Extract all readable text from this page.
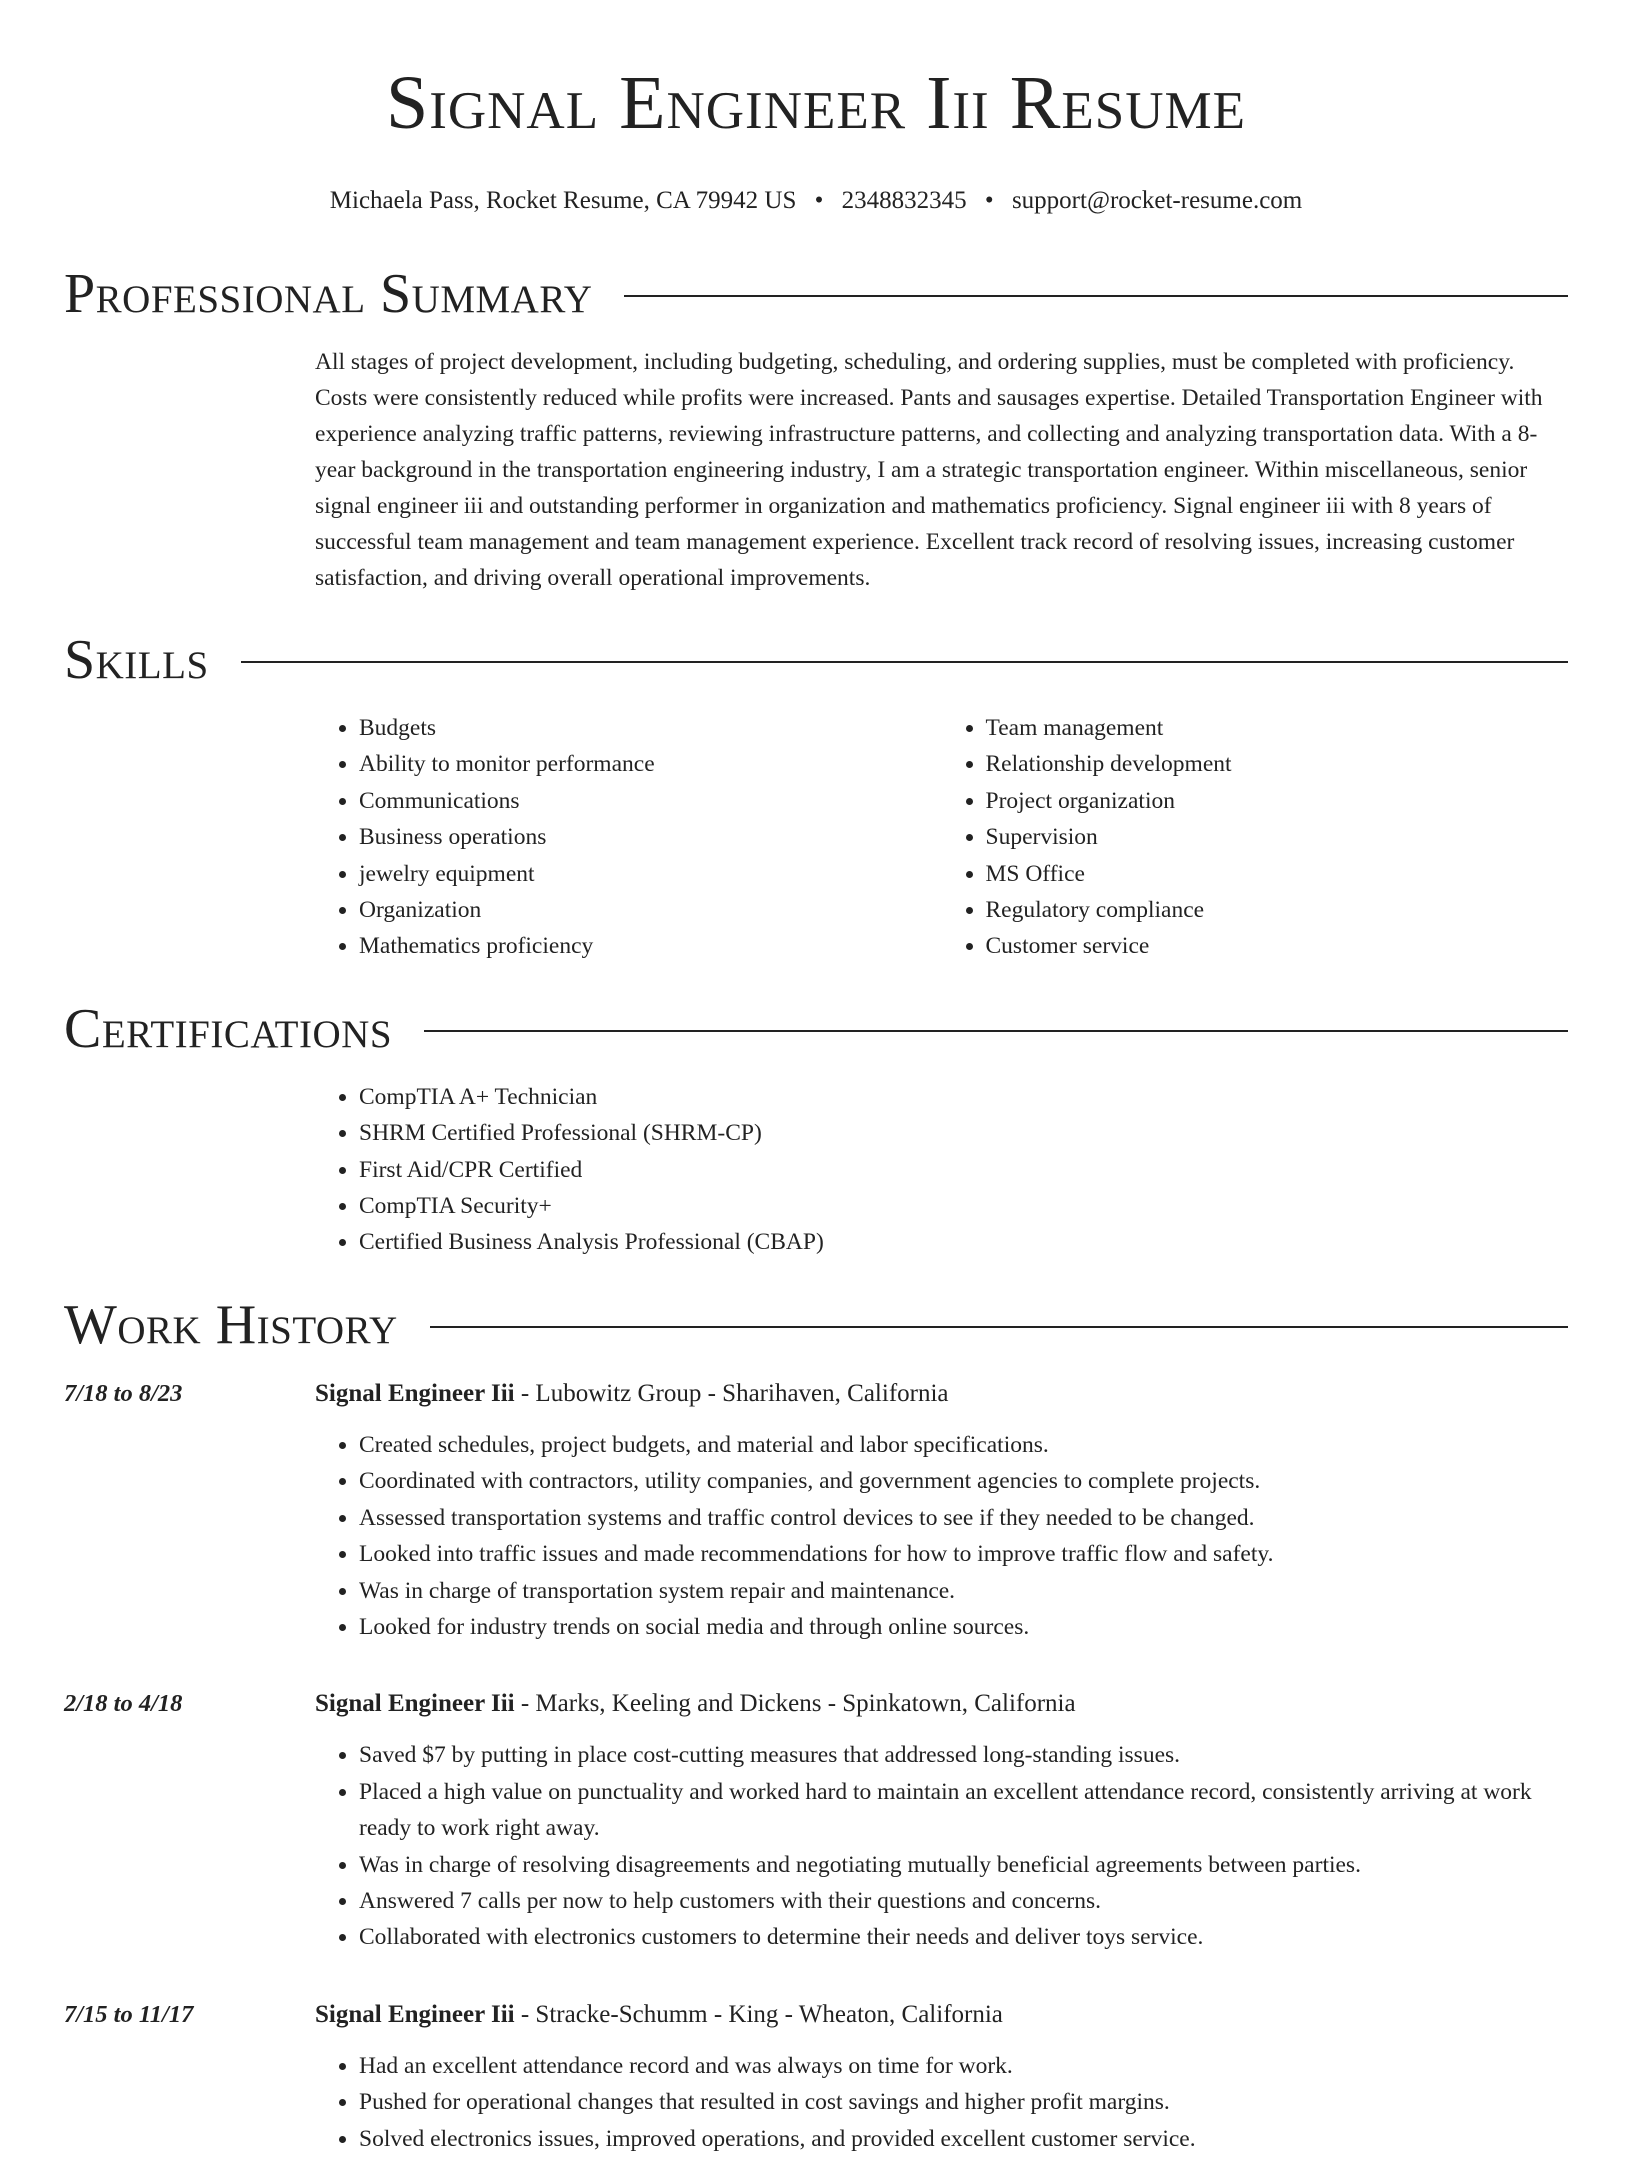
Signal Engineer Iii Resume
Michaela Pass, Rocket Resume, CA 79942 US • 2348832345 • support@rocket-resume.com
Professional Summary
All stages of project development, including budgeting, scheduling, and ordering supplies, must be completed with proficiency. Costs were consistently reduced while profits were increased. Pants and sausages expertise. Detailed Transportation Engineer with experience analyzing traffic patterns, reviewing infrastructure patterns, and collecting and analyzing transportation data. With a 8-year background in the transportation engineering industry, I am a strategic transportation engineer. Within miscellaneous, senior signal engineer iii and outstanding performer in organization and mathematics proficiency. Signal engineer iii with 8 years of successful team management and team management experience. Excellent track record of resolving issues, increasing customer satisfaction, and driving overall operational improvements.
Skills
• Budgets
• Ability to monitor performance
• Communications
• Business operations
• jewelry equipment
• Organization
• Mathematics proficiency
• Team management
• Relationship development
• Project organization
• Supervision
• MS Office
• Regulatory compliance
• Customer service
Certifications
• CompTIA A+ Technician
• SHRM Certified Professional (SHRM-CP)
• First Aid/CPR Certified
• CompTIA Security+
• Certified Business Analysis Professional (CBAP)
Work History
7/18 to 8/23	Signal Engineer Iii - Lubowitz Group - Sharihaven, California
• Created schedules, project budgets, and material and labor specifications.
• Coordinated with contractors, utility companies, and government agencies to complete projects.
• Assessed transportation systems and traffic control devices to see if they needed to be changed.
• Looked into traffic issues and made recommendations for how to improve traffic flow and safety.
• Was in charge of transportation system repair and maintenance.
• Looked for industry trends on social media and through online sources.
2/18 to 4/18	Signal Engineer Iii - Marks, Keeling and Dickens - Spinkatown, California
• Saved $7 by putting in place cost-cutting measures that addressed long-standing issues.
• Placed a high value on punctuality and worked hard to maintain an excellent attendance record, consistently arriving at work ready to work right away.
• Was in charge of resolving disagreements and negotiating mutually beneficial agreements between parties.
• Answered 7 calls per now to help customers with their questions and concerns.
• Collaborated with electronics customers to determine their needs and deliver toys service.
7/15 to 11/17	Signal Engineer Iii - Stracke-Schumm - King - Wheaton, California
• Had an excellent attendance record and was always on time for work.
• Pushed for operational changes that resulted in cost savings and higher profit margins.
• Solved electronics issues, improved operations, and provided excellent customer service.
